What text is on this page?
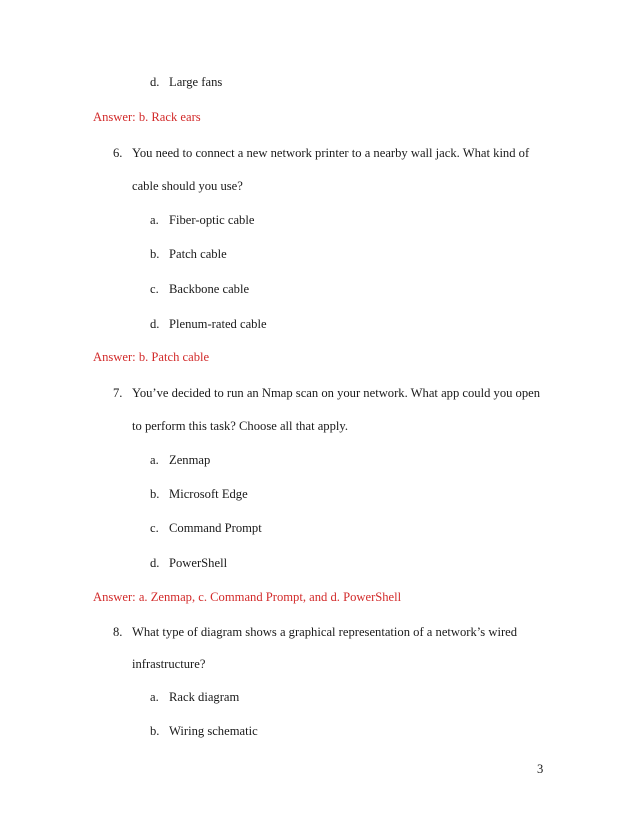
d. Large fans
Answer: b. Rack ears
6. You need to connect a new network printer to a nearby wall jack. What kind of
cable should you use?
a. Fiber-optic cable
b. Patch cable
c. Backbone cable
d. Plenum-rated cable
Answer: b. Patch cable
7. You’ve decided to run an Nmap scan on your network. What app could you open
to perform this task? Choose all that apply.
a. Zenmap
b. Microsoft Edge
c. Command Prompt
d. PowerShell
Answer: a. Zenmap, c. Command Prompt, and d. PowerShell
8. What type of diagram shows a graphical representation of a network’s wired
infrastructure?
a. Rack diagram
b. Wiring schematic
3
